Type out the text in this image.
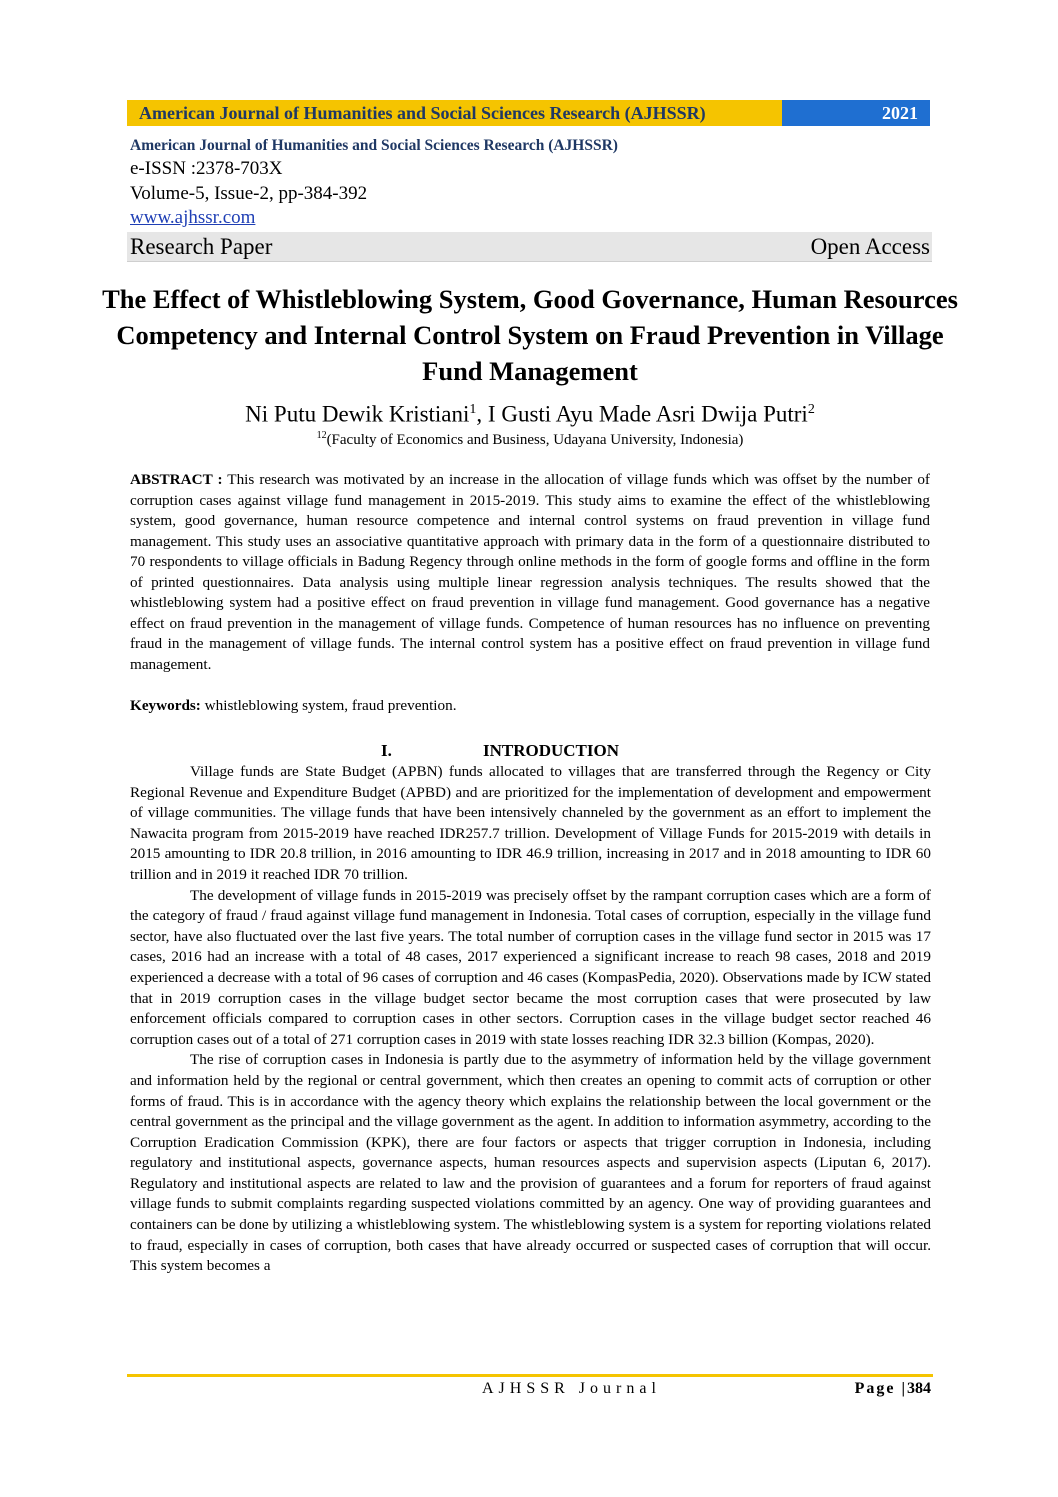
American Journal of Humanities and Social Sciences Research (AJHSSR)	2021
American Journal of Humanities and Social Sciences Research (AJHSSR)
e-ISSN :2378-703X
Volume-5, Issue-2, pp-384-392
www.ajhssr.com
Research Paper	Open Access
The Effect of Whistleblowing System, Good Governance, Human Resources Competency and Internal Control System on Fraud Prevention in Village Fund Management
Ni Putu Dewik Kristiani$^1$, I Gusti Ayu Made Asri Dwija Putri$^2$
$^{12}$(Faculty of Economics and Business, Udayana University, Indonesia)
ABSTRACT : This research was motivated by an increase in the allocation of village funds which was offset by the number of corruption cases against village fund management in 2015-2019. This study aims to examine the effect of the whistleblowing system, good governance, human resource competence and internal control systems on fraud prevention in village fund management. This study uses an associative quantitative approach with primary data in the form of a questionnaire distributed to 70 respondents to village officials in Badung Regency through online methods in the form of google forms and offline in the form of printed questionnaires. Data analysis using multiple linear regression analysis techniques. The results showed that the whistleblowing system had a positive effect on fraud prevention in village fund management. Good governance has a negative effect on fraud prevention in the management of village funds. Competence of human resources has no influence on preventing fraud in the management of village funds. The internal control system has a positive effect on fraud prevention in village fund management.
Keywords: whistleblowing system, fraud prevention.
I.	INTRODUCTION

Village funds are State Budget (APBN) funds allocated to villages that are transferred through the Regency or City Regional Revenue and Expenditure Budget (APBD) and are prioritized for the implementation of development and empowerment of village communities. The village funds that have been intensively channeled by the government as an effort to implement the Nawacita program from 2015-2019 have reached IDR257.7 trillion. Development of Village Funds for 2015-2019 with details in 2015 amounting to IDR 20.8 trillion, in 2016 amounting to IDR 46.9 trillion, increasing in 2017 and in 2018 amounting to IDR 60 trillion and in 2019 it reached IDR 70 trillion.

The development of village funds in 2015-2019 was precisely offset by the rampant corruption cases which are a form of the category of fraud / fraud against village fund management in Indonesia. Total cases of corruption, especially in the village fund sector, have also fluctuated over the last five years. The total number of corruption cases in the village fund sector in 2015 was 17 cases, 2016 had an increase with a total of 48 cases, 2017 experienced a significant increase to reach 98 cases, 2018 and 2019 experienced a decrease with a total of 96 cases of corruption and 46 cases (KompasPedia, 2020). Observations made by ICW stated that in 2019 corruption cases in the village budget sector became the most corruption cases that were prosecuted by law enforcement officials compared to corruption cases in other sectors. Corruption cases in the village budget sector reached 46 corruption cases out of a total of 271 corruption cases in 2019 with state losses reaching IDR 32.3 billion (Kompas, 2020).

The rise of corruption cases in Indonesia is partly due to the asymmetry of information held by the village government and information held by the regional or central government, which then creates an opening to commit acts of corruption or other forms of fraud. This is in accordance with the agency theory which explains the relationship between the local government or the central government as the principal and the village government as the agent. In addition to information asymmetry, according to the Corruption Eradication Commission (KPK), there are four factors or aspects that trigger corruption in Indonesia, including regulatory and institutional aspects, governance aspects, human resources aspects and supervision aspects (Liputan 6, 2017). Regulatory and institutional aspects are related to law and the provision of guarantees and a forum for reporters of fraud against village funds to submit complaints regarding suspected violations committed by an agency. One way of providing guarantees and containers can be done by utilizing a whistleblowing system. The whistleblowing system is a system for reporting violations related to fraud, especially in cases of corruption, both cases that have already occurred or suspected cases of corruption that will occur. This system becomes a

AJHSSR Journal	Page |384
